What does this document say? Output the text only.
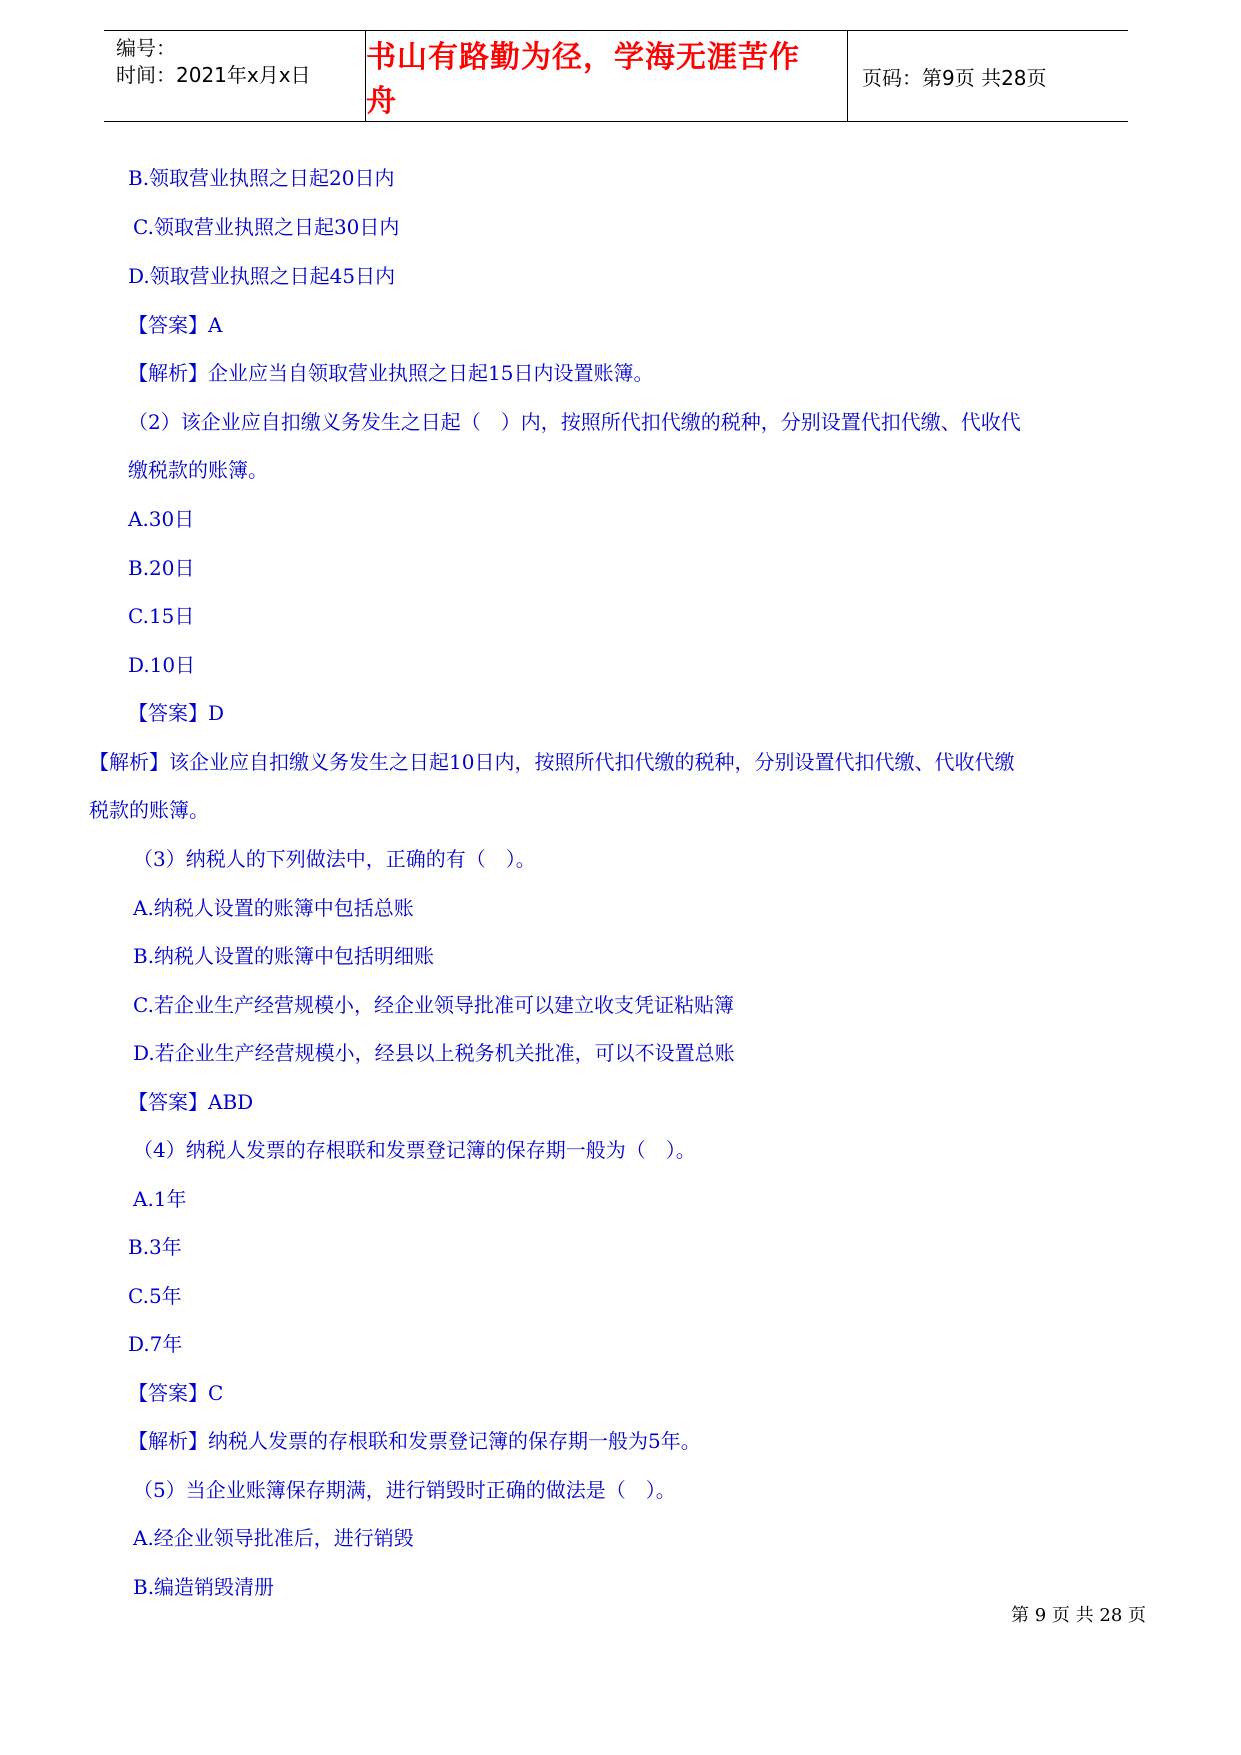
编号：
时间：2021年x月x日 书山有路勤为径，学海无涯苦作舟
页码：第9页 共28页
B.领取营业执照之日起20日内
C.领取营业执照之日起30日内
D.领取营业执照之日起45日内
【答案】A
【解析】企业应当自领取营业执照之日起15日内设置账簿。
（2）该企业应自扣缴义务发生之日起（　）内，按照所代扣代缴的税种，分别设置代扣代缴、代收代
缴税款的账簿。
A.30日
B.20日
C.15日
D.10日
【答案】D
【解析】该企业应自扣缴义务发生之日起10日内，按照所代扣代缴的税种，分别设置代扣代缴、代收代缴
税款的账簿。
（3）纳税人的下列做法中，正确的有（　）。
A.纳税人设置的账簿中包括总账
B.纳税人设置的账簿中包括明细账
C.若企业生产经营规模小，经企业领导批准可以建立收支凭证粘贴簿
D.若企业生产经营规模小，经县以上税务机关批准，可以不设置总账
【答案】ABD
（4）纳税人发票的存根联和发票登记簿的保存期一般为（　）。
A.1年
B.3年
C.5年
D.7年
【答案】C
【解析】纳税人发票的存根联和发票登记簿的保存期一般为5年。
（5）当企业账簿保存期满，进行销毁时正确的做法是（　）。
A.经企业领导批准后，进行销毁
B.编造销毁清册
第 9 页 共 28 页
